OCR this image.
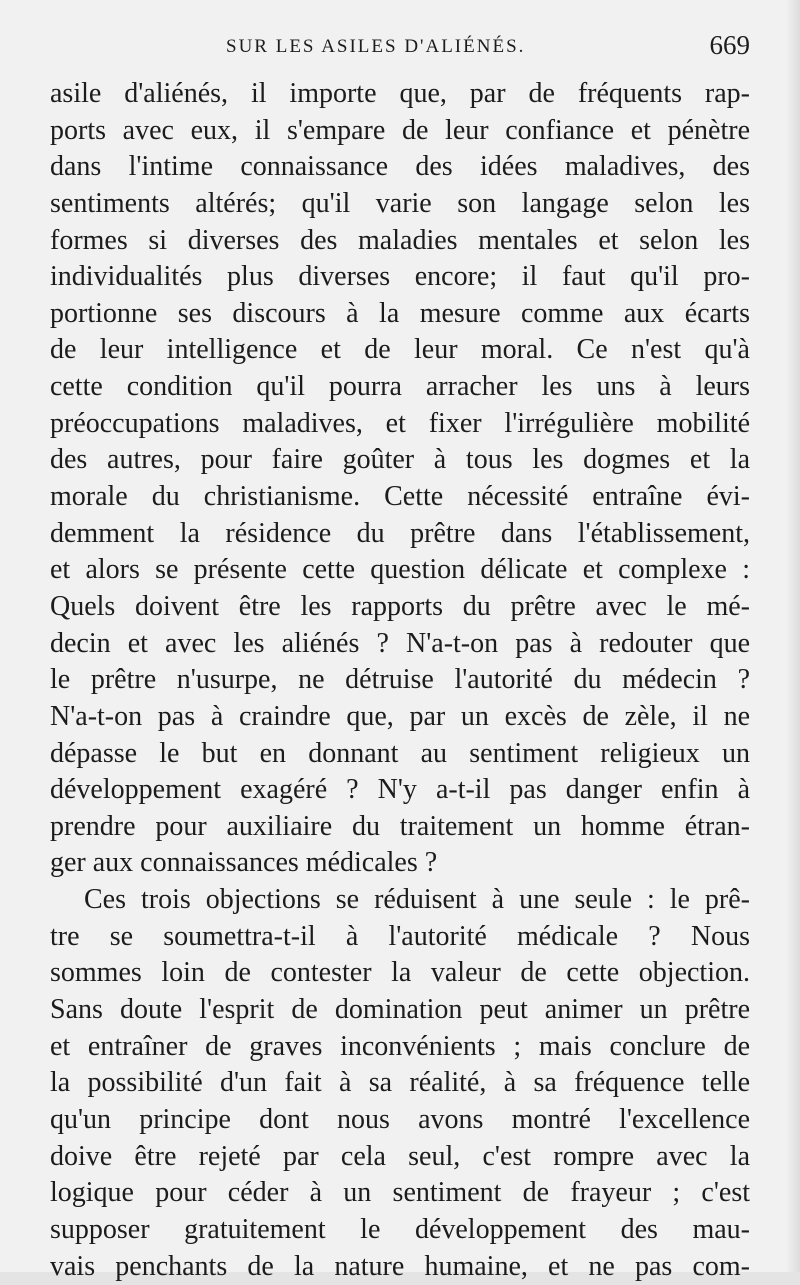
SUR LES ASILES D'ALIÉNÉS.	669
asile d'aliénés, il importe que, par de fréquents rap-
ports avec eux, il s'empare de leur confiance et pénètre
dans l'intime connaissance des idées maladives, des
sentiments altérés; qu'il varie son langage selon les
formes si diverses des maladies mentales et selon les
individualités plus diverses encore; il faut qu'il pro-
portionne ses discours à la mesure comme aux écarts
de leur intelligence et de leur moral. Ce n'est qu'à
cette condition qu'il pourra arracher les uns à leurs
préoccupations maladives, et fixer l'irrégulière mobilité
des autres, pour faire goûter à tous les dogmes et la
morale du christianisme. Cette nécessité entraîne évi-
demment la résidence du prêtre dans l'établissement,
et alors se présente cette question délicate et complexe :
Quels doivent être les rapports du prêtre avec le mé-
decin et avec les aliénés ? N'a-t-on pas à redouter que
le prêtre n'usurpe, ne détruise l'autorité du médecin ?
N'a-t-on pas à craindre que, par un excès de zèle, il ne
dépasse le but en donnant au sentiment religieux un
développement exagéré ? N'y a-t-il pas danger enfin à
prendre pour auxiliaire du traitement un homme étran-
ger aux connaissances médicales ?
Ces trois objections se réduisent à une seule : le prê-
tre se soumettra-t-il à l'autorité médicale ? Nous
sommes loin de contester la valeur de cette objection.
Sans doute l'esprit de domination peut animer un prêtre
et entraîner de graves inconvénients ; mais conclure de
la possibilité d'un fait à sa réalité, à sa fréquence telle
qu'un principe dont nous avons montré l'excellence
doive être rejeté par cela seul, c'est rompre avec la
logique pour céder à un sentiment de frayeur ; c'est
supposer gratuitement le développement des mau-
vais penchants de la nature humaine, et ne pas com-
